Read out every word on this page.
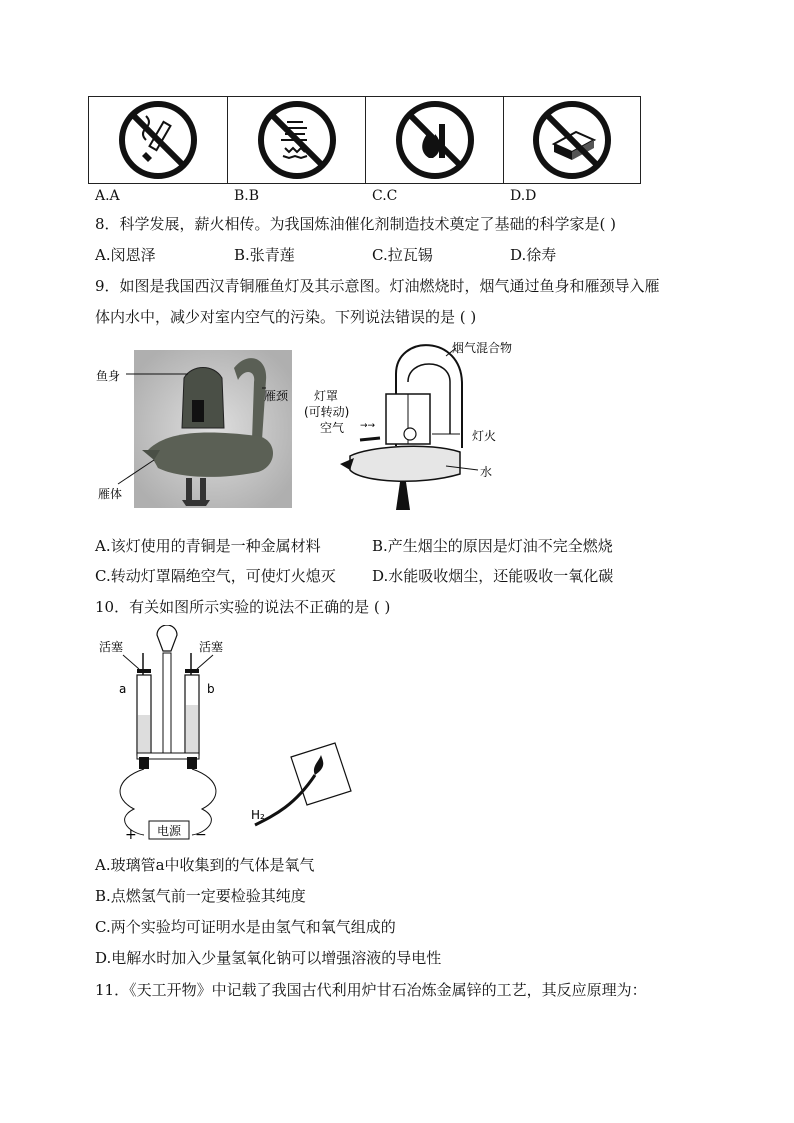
A.A	B.B	C.C	D.D
8．科学发展，薪火相传。为我国炼油催化剂制造技术奠定了基础的科学家是( )
A.闵恩泽	B.张青莲	C.拉瓦锡	D.徐寿
9．如图是我国西汉青铜雁鱼灯及其示意图。灯油燃烧时，烟气通过鱼身和雁颈导入雁
体内水中，减少对室内空气的污染。下列说法错误的是 ( )
鱼身
雁颈
雁体
→→
烟气混合物
灯罩
(可转动)
空气
灯火
水
A.该灯使用的青铜是一种金属材料	B.产生烟尘的原因是灯油不完全燃烧
C.转动灯罩隔绝空气，可使灯火熄灭 D.水能吸收烟尘，还能吸收一氧化碳
10．有关如图所示实验的说法不正确的是 ( )
电源
+	−
活塞	活塞
a	b
H₂
A.玻璃管a中收集到的气体是氧气
B.点燃氢气前一定要检验其纯度
C.两个实验均可证明水是由氢气和氧气组成的
D.电解水时加入少量氢氧化钠可以增强溶液的导电性
11．《天工开物》中记载了我国古代利用炉甘石冶炼金属锌的工艺，其反应原理为：
